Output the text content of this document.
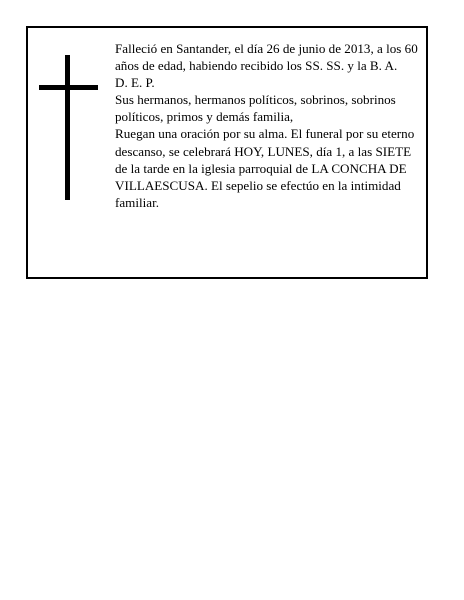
Falleció en Santander, el día 26 de junio de 2013, a los 60 años de edad, habiendo recibido los SS. SS. y la B. A.

D. E. P.

Sus hermanos, hermanos políticos, sobrinos, sobrinos políticos, primos y demás familia,

Ruegan una oración por su alma. El funeral por su eterno descanso, se celebrará HOY, LUNES, día 1, a las SIETE de la tarde en la iglesia parroquial de LA CONCHA DE VILLAESCUSA. El sepelio se efectúo en la intimidad familiar.
